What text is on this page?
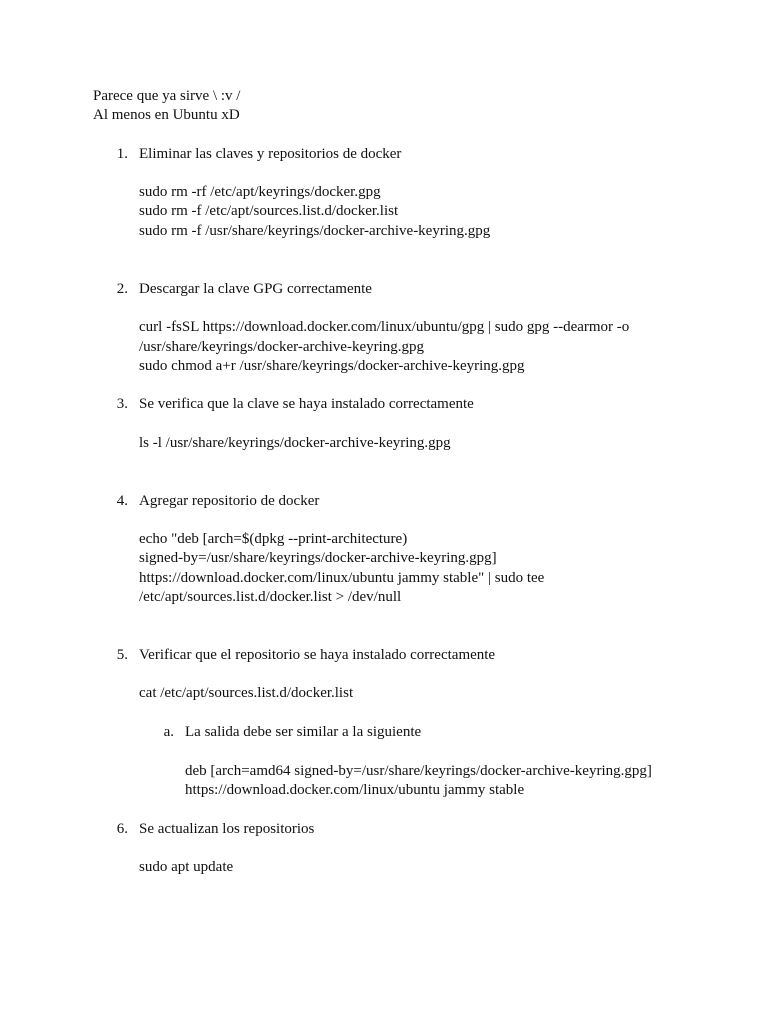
Parece que ya sirve \ :v /
Al menos en Ubuntu xD
1. Eliminar las claves y repositorios de docker
sudo rm -rf /etc/apt/keyrings/docker.gpg
sudo rm -f /etc/apt/sources.list.d/docker.list
sudo rm -f /usr/share/keyrings/docker-archive-keyring.gpg
2. Descargar la clave GPG correctamente
curl -fsSL https://download.docker.com/linux/ubuntu/gpg | sudo gpg --dearmor -o
/usr/share/keyrings/docker-archive-keyring.gpg
sudo chmod a+r /usr/share/keyrings/docker-archive-keyring.gpg
3. Se verifica que la clave se haya instalado correctamente
ls -l /usr/share/keyrings/docker-archive-keyring.gpg
4. Agregar repositorio de docker
echo "deb [arch=$(dpkg --print-architecture)
signed-by=/usr/share/keyrings/docker-archive-keyring.gpg]
https://download.docker.com/linux/ubuntu jammy stable" | sudo tee
/etc/apt/sources.list.d/docker.list > /dev/null
5. Verificar que el repositorio se haya instalado correctamente
cat /etc/apt/sources.list.d/docker.list
a. La salida debe ser similar a la siguiente
deb [arch=amd64 signed-by=/usr/share/keyrings/docker-archive-keyring.gpg]
https://download.docker.com/linux/ubuntu jammy stable
6. Se actualizan los repositorios
sudo apt update
